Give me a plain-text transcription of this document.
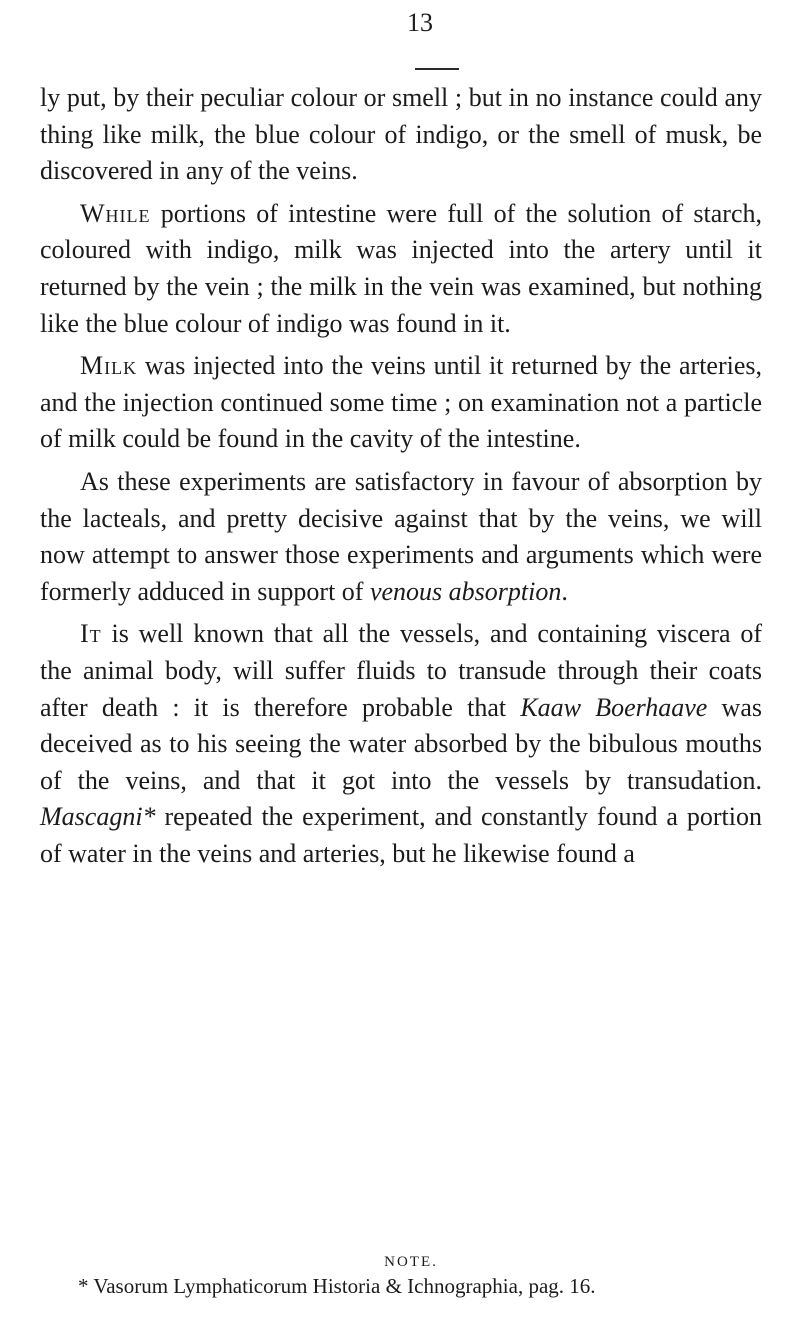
13

ly put, by their peculiar colour or smell ; but in no instance could any thing like milk, the blue colour of indigo, or the smell of musk, be discovered in any of the veins.

While portions of intestine were full of the solution of starch, coloured with indigo, milk was injected into the artery until it returned by the vein ; the milk in the vein was examined, but nothing like the blue colour of indigo was found in it.

Milk was injected into the veins until it returned by the arteries, and the injection continued some time ; on examination not a particle of milk could be found in the cavity of the intestine.

As these experiments are satisfactory in favour of absorption by the lacteals, and pretty decisive against that by the veins, we will now attempt to answer those experiments and arguments which were formerly adduced in support of venous absorption.

It is well known that all the vessels, and containing viscera of the animal body, will suffer fluids to transude through their coats after death : it is therefore probable that Kaaw Boerhaave was deceived as to his seeing the water absorbed by the bibulous mouths of the veins, and that it got into the vessels by transudation. Mascagni* repeated the experiment, and constantly found a portion of water in the veins and arteries, but he likewise found a

NOTE.
* Vasorum Lymphaticorum Historia & Ichnographia, pag. 16.
